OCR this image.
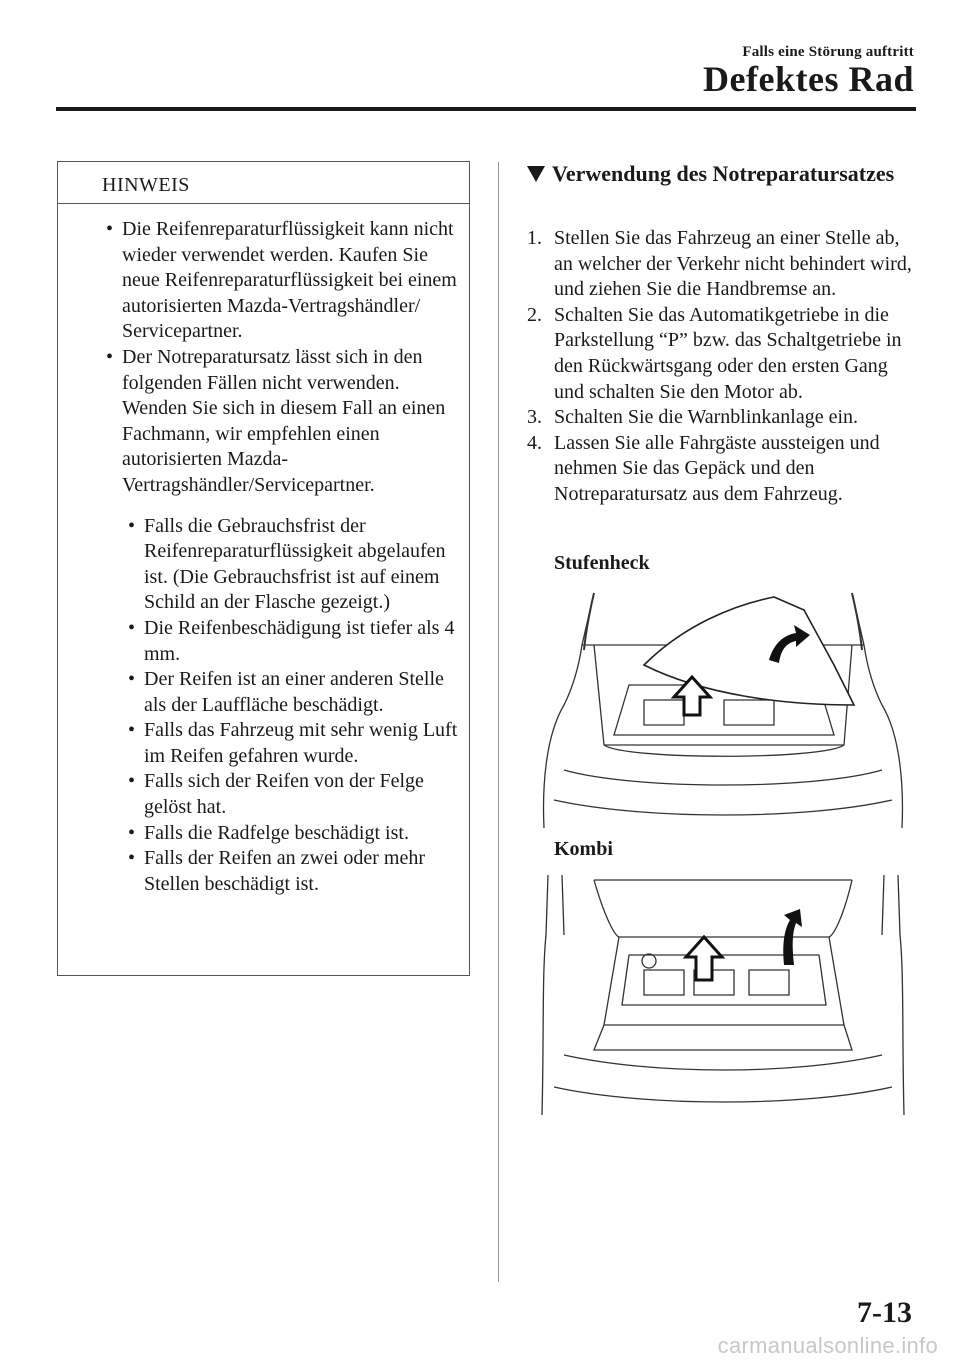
Falls eine Störung auftritt
Defektes Rad
HINWEIS
• Die Reifenreparaturflüssigkeit kann nicht wieder verwendet werden. Kaufen Sie neue Reifenreparaturflüssigkeit bei einem autorisierten Mazda-Vertragshändler/ Servicepartner.
• Der Notreparatursatz lässt sich in den folgenden Fällen nicht verwenden. Wenden Sie sich in diesem Fall an einen Fachmann, wir empfehlen einen autorisierten Mazda-Vertragshändler/Servicepartner.
• Falls die Gebrauchsfrist der Reifenreparaturflüssigkeit abgelaufen ist. (Die Gebrauchsfrist ist auf einem Schild an der Flasche gezeigt.)
• Die Reifenbeschädigung ist tiefer als 4 mm.
• Der Reifen ist an einer anderen Stelle als der Lauffläche beschädigt.
• Falls das Fahrzeug mit sehr wenig Luft im Reifen gefahren wurde.
• Falls sich der Reifen von der Felge gelöst hat.
• Falls die Radfelge beschädigt ist.
• Falls der Reifen an zwei oder mehr Stellen beschädigt ist.
Verwendung des Notreparatursatzes
1. Stellen Sie das Fahrzeug an einer Stelle ab, an welcher der Verkehr nicht behindert wird, und ziehen Sie die Handbremse an.
2. Schalten Sie das Automatikgetriebe in die Parkstellung “P” bzw. das Schaltgetriebe in den Rückwärtsgang oder den ersten Gang und schalten Sie den Motor ab.
3. Schalten Sie die Warnblinkanlage ein.
4. Lassen Sie alle Fahrgäste aussteigen und nehmen Sie das Gepäck und den Notreparatursatz aus dem Fahrzeug.
Stufenheck
Kombi
7-13
carmanualsonline.info
